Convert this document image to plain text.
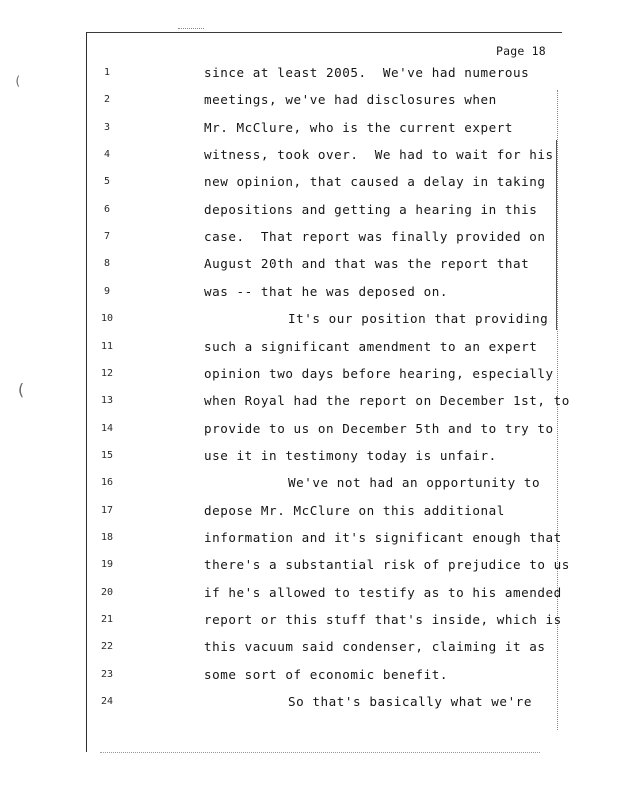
(
(
Page 18
1	since at least 2005.  We've had numerous
2	meetings, we've had disclosures when
3	Mr. McClure, who is the current expert
4	witness, took over.  We had to wait for his
5	new opinion, that caused a delay in taking
6	depositions and getting a hearing in this
7	case.  That report was finally provided on
8	August 20th and that was the report that
9	was -- that he was deposed on.
10	It's our position that providing
11	such a significant amendment to an expert
12	opinion two days before hearing, especially
13	when Royal had the report on December 1st, to
14	provide to us on December 5th and to try to
15	use it in testimony today is unfair.
16	We've not had an opportunity to
17	depose Mr. McClure on this additional
18	information and it's significant enough that
19	there's a substantial risk of prejudice to us
20	if he's allowed to testify as to his amended
21	report or this stuff that's inside, which is
22	this vacuum said condenser, claiming it as
23	some sort of economic benefit.
24	So that's basically what we're
